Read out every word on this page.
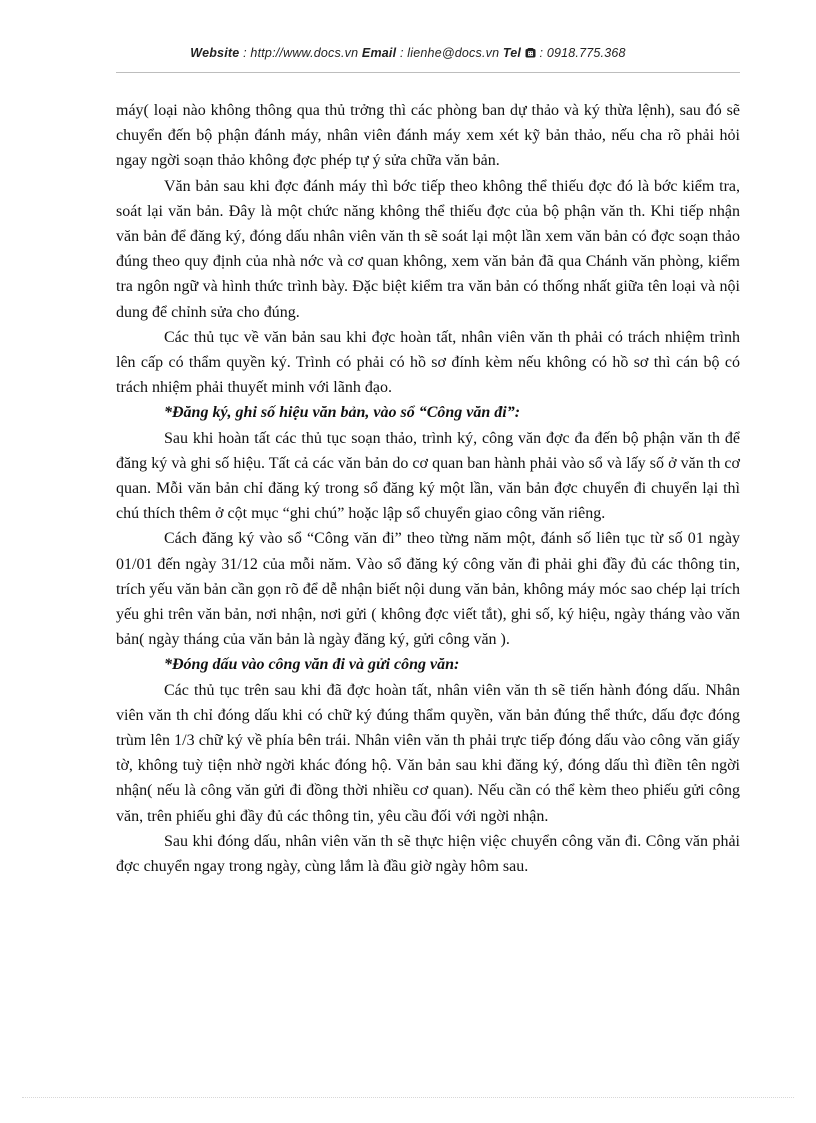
Website : http://www.docs.vn Email : lienhe@docs.vn Tel  : 0918.775.368

máy( loại nào không thông qua thủ trởng thì các phòng ban dự thảo và ký thừa lệnh), sau đó sẽ chuyển đến bộ phận đánh máy, nhân viên đánh máy xem xét kỹ bản thảo, nếu cha rõ phải hỏi ngay ngời soạn thảo không đợc phép tự ý sửa chữa văn bản.

Văn bản sau khi đợc đánh máy thì bớc tiếp theo không thể thiếu đợc đó là bớc kiểm tra, soát lại văn bản. Đây là một chức năng không thể thiếu đợc của bộ phận văn th. Khi tiếp nhận văn bản để đăng ký, đóng dấu nhân viên văn th sẽ soát lại một lần xem văn bản có đợc soạn thảo đúng theo quy định của nhà nớc và cơ quan không, xem văn bản đã qua Chánh văn phòng, kiểm tra ngôn ngữ và hình thức trình bày. Đặc biệt kiểm tra văn bản có thống nhất giữa tên loại và nội dung để chỉnh sửa cho đúng.

Các thủ tục về văn bản sau khi đợc hoàn tất, nhân viên văn th phải có trách nhiệm trình lên cấp có thẩm quyền ký. Trình có phải có hồ sơ đính kèm nếu không có hồ sơ thì cán bộ có trách nhiệm phải thuyết minh với lãnh đạo.

*Đăng ký, ghi số hiệu văn bản, vào sổ “Công văn đi”:

Sau khi hoàn tất các thủ tục soạn thảo, trình ký, công văn đợc đa đến bộ phận văn th để đăng ký và ghi số hiệu. Tất cả các văn bản do cơ quan ban hành phải vào sổ và lấy số ở văn th cơ quan. Mỗi văn bản chỉ đăng ký trong sổ đăng ký một lần, văn bản đợc chuyển đi chuyển lại thì chú thích thêm ở cột mục “ghi chú” hoặc lập sổ chuyển giao công văn riêng.

Cách đăng ký vào sổ “Công văn đi” theo từng năm một, đánh số liên tục từ số 01 ngày 01/01 đến ngày 31/12 của mỗi năm. Vào sổ đăng ký công văn đi phải ghi đầy đủ các thông tin, trích yếu văn bản cần gọn rõ để dễ nhận biết nội dung văn bản, không máy móc sao chép lại trích yếu ghi trên văn bản, nơi nhận, nơi gửi ( không đợc viết tắt), ghi số, ký hiệu, ngày tháng vào văn bản( ngày tháng của văn bản là ngày đăng ký, gửi công văn ).

*Đóng dấu vào công văn đi và gửi công văn:

Các thủ tục trên sau khi đã đợc hoàn tất, nhân viên văn th sẽ tiến hành đóng dấu. Nhân viên văn th chỉ đóng dấu khi có chữ ký đúng thẩm quyền, văn bản đúng thể thức, dấu đợc đóng trùm lên 1/3 chữ ký về phía bên trái. Nhân viên văn th phải trực tiếp đóng dấu vào công văn giấy tờ, không tuỳ tiện nhờ ngời khác đóng hộ. Văn bản sau khi đăng ký, đóng dấu thì điền tên ngời nhận( nếu là công văn gửi đi đồng thời nhiều cơ quan). Nếu cần có thể kèm theo phiếu gửi công văn, trên phiếu ghi đầy đủ các thông tin, yêu cầu đối với ngời nhận.

Sau khi đóng dấu, nhân viên văn th sẽ thực hiện việc chuyển công văn đi. Công văn phải đợc chuyển ngay trong ngày, cùng lắm là đầu giờ ngày hôm sau.
